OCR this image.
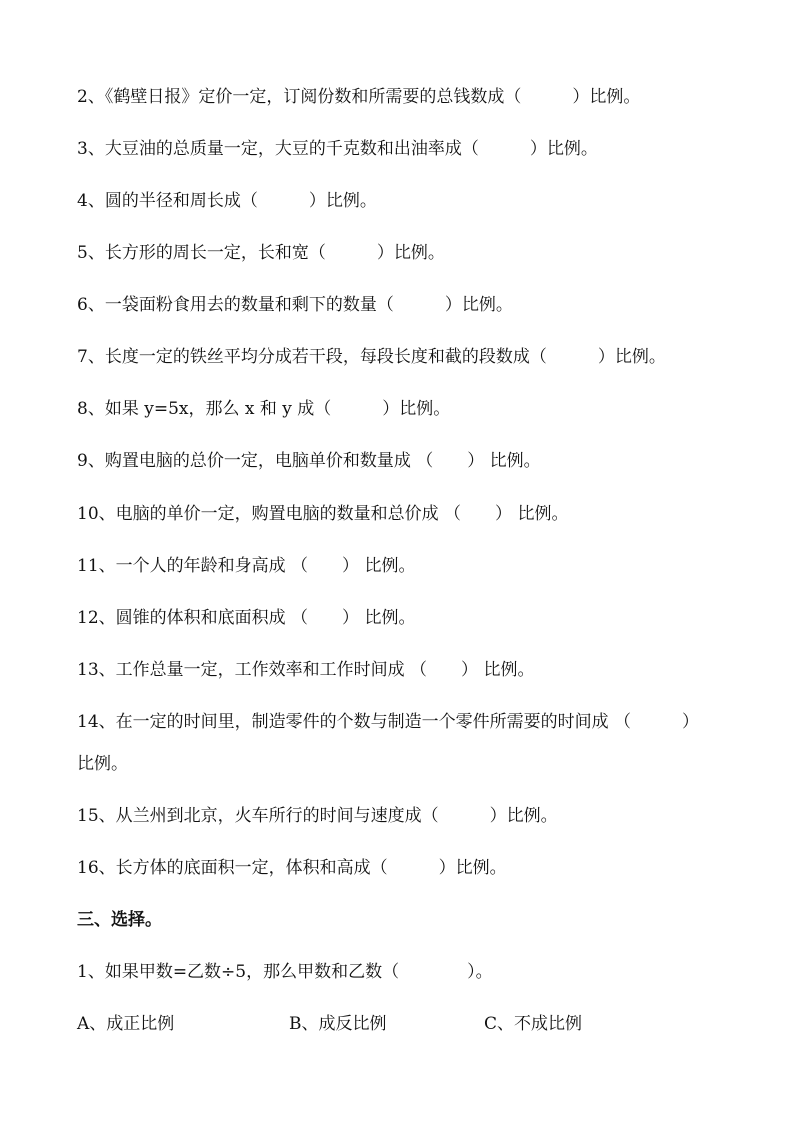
2、《鹤壁日报》定价一定，订阅份数和所需要的总钱数成（　　　）比例。
3、大豆油的总质量一定，大豆的千克数和出油率成（　　　）比例。
4、圆的半径和周长成（　　　）比例。
5、长方形的周长一定，长和宽（　　　）比例。
6、一袋面粉食用去的数量和剩下的数量（　　　）比例。
7、长度一定的铁丝平均分成若干段，每段长度和截的段数成（　　　）比例。
8、如果 y=5x，那么 x 和 y 成（　　　）比例。
9、购置电脑的总价一定，电脑单价和数量成 （　　） 比例。
10、电脑的单价一定，购置电脑的数量和总价成 （　　） 比例。
11、一个人的年龄和身高成 （　　） 比例。
12、圆锥的体积和底面积成 （　　） 比例。
13、工作总量一定，工作效率和工作时间成 （　　） 比例。
14、在一定的时间里，制造零件的个数与制造一个零件所需要的时间成 （　　　）
比例。
15、从兰州到北京，火车所行的时间与速度成（　　　）比例。
16、长方体的底面积一定，体积和高成（　　　）比例。
三、选择。
1、如果甲数=乙数÷5，那么甲数和乙数（　　　　）。
A、成正比例	B、成反比例	C、不成比例
